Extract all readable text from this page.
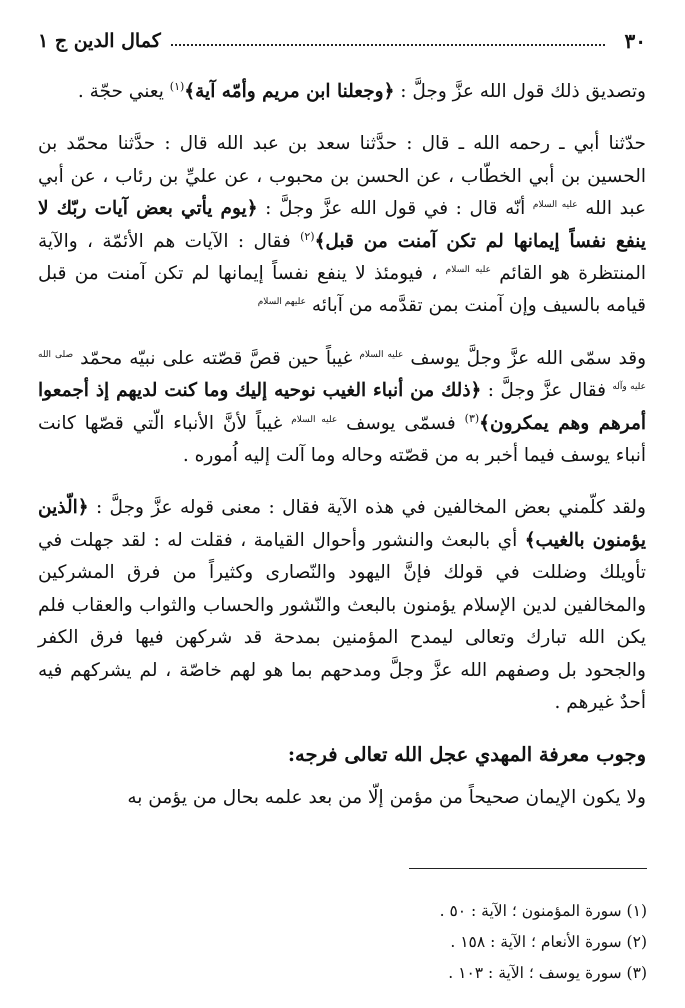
٣٠
كمال الدين ج ١

وتصديق ذلك قول الله عزَّ وجلَّ : ﴿وجعلنا ابن مريم وأمّه آية﴾$^{(١)}$ يعني حجّة .

حدّثنا أبي ـ رحمه الله ـ قال : حدَّثنا سعد بن عبد الله قال : حدَّثنا محمّد بن الحسين بن أبي الخطّاب ، عن الحسن بن محبوب ، عن عليِّ بن رئاب ، عن أبي عبد الله $^{عليه السلام}$ أنّه قال : في قول الله عزَّ وجلَّ : ﴿يوم يأتي بعض آيات ربّك لا ينفع نفساً إيمانها لم تكن آمنت من قبل﴾$^{(٢)}$ فقال : الآيات هم الأئمّة ، والآية المنتظرة هو القائم $^{عليه السلام}$ ، فيومئذ لا ينفع نفساً إيمانها لم تكن آمنت من قبل قيامه بالسيف وإن آمنت بمن تقدَّمه من آبائه $^{عليهم السلام}$

وقد سمّى الله عزَّ وجلَّ يوسف $^{عليه السلام}$ غيباً حين قصَّ قصّته على نبيّه محمّد $^{صلى الله عليه وآله}$ فقال عزَّ وجلَّ : ﴿ذلك من أنباء الغيب نوحيه إليك وما كنت لديهم إذ أجمعوا أمرهم وهم يمكرون﴾$^{(٣)}$ فسمّى يوسف $^{عليه السلام}$ غيباً لأنَّ الأنباء الّتي قصّها كانت أنباء يوسف فيما أخبر به من قصّته وحاله وما آلت إليه اُموره .

ولقد كلّمني بعض المخالفين في هذه الآية فقال : معنى قوله عزَّ وجلَّ : ﴿الّذين يؤمنون بالغيب﴾ أي بالبعث والنشور وأحوال القيامة ، فقلت له : لقد جهلت في تأويلك وضللت في قولك فإنَّ اليهود والنّصارى وكثيراً من فرق المشركين والمخالفين لدين الإسلام يؤمنون بالبعث والنّشور والحساب والثواب والعقاب فلم يكن الله تبارك وتعالى ليمدح المؤمنين بمدحة قد شركهن فيها فرق الكفر والجحود بل وصفهم الله عزَّ وجلَّ ومدحهم بما هو لهم خاصّة ، لم يشركهم فيه أحدٌ غيرهم .

وجوب معرفة المهدي عجل الله تعالى فرجه:

ولا يكون الإيمان صحيحاً من مؤمن إلّا من بعد علمه بحال من يؤمن به

(١) سورة المؤمنون ؛ الآية : ٥٠ .

(٢) سورة الأنعام ؛ الآية : ١٥٨ .

(٣) سورة يوسف ؛ الآية : ١٠٣ .
